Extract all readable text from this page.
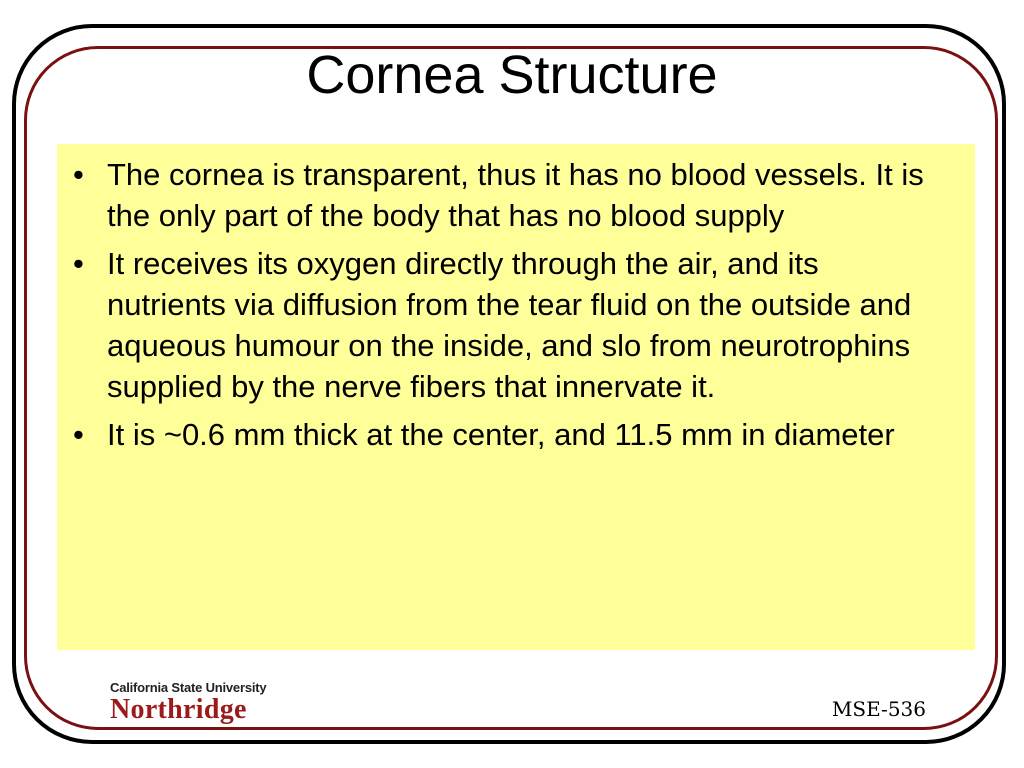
Cornea Structure
• The cornea is transparent, thus it has no blood vessels. It is the only part of the body that has no blood supply
• It receives its oxygen directly through the air, and its nutrients via diffusion from the tear fluid on the outside and aqueous humour on the inside, and slo from neurotrophins supplied by the nerve fibers that innervate it.
• It is ~0.6 mm thick at the center, and 11.5 mm in diameter
California State University
Northridge	MSE-536
